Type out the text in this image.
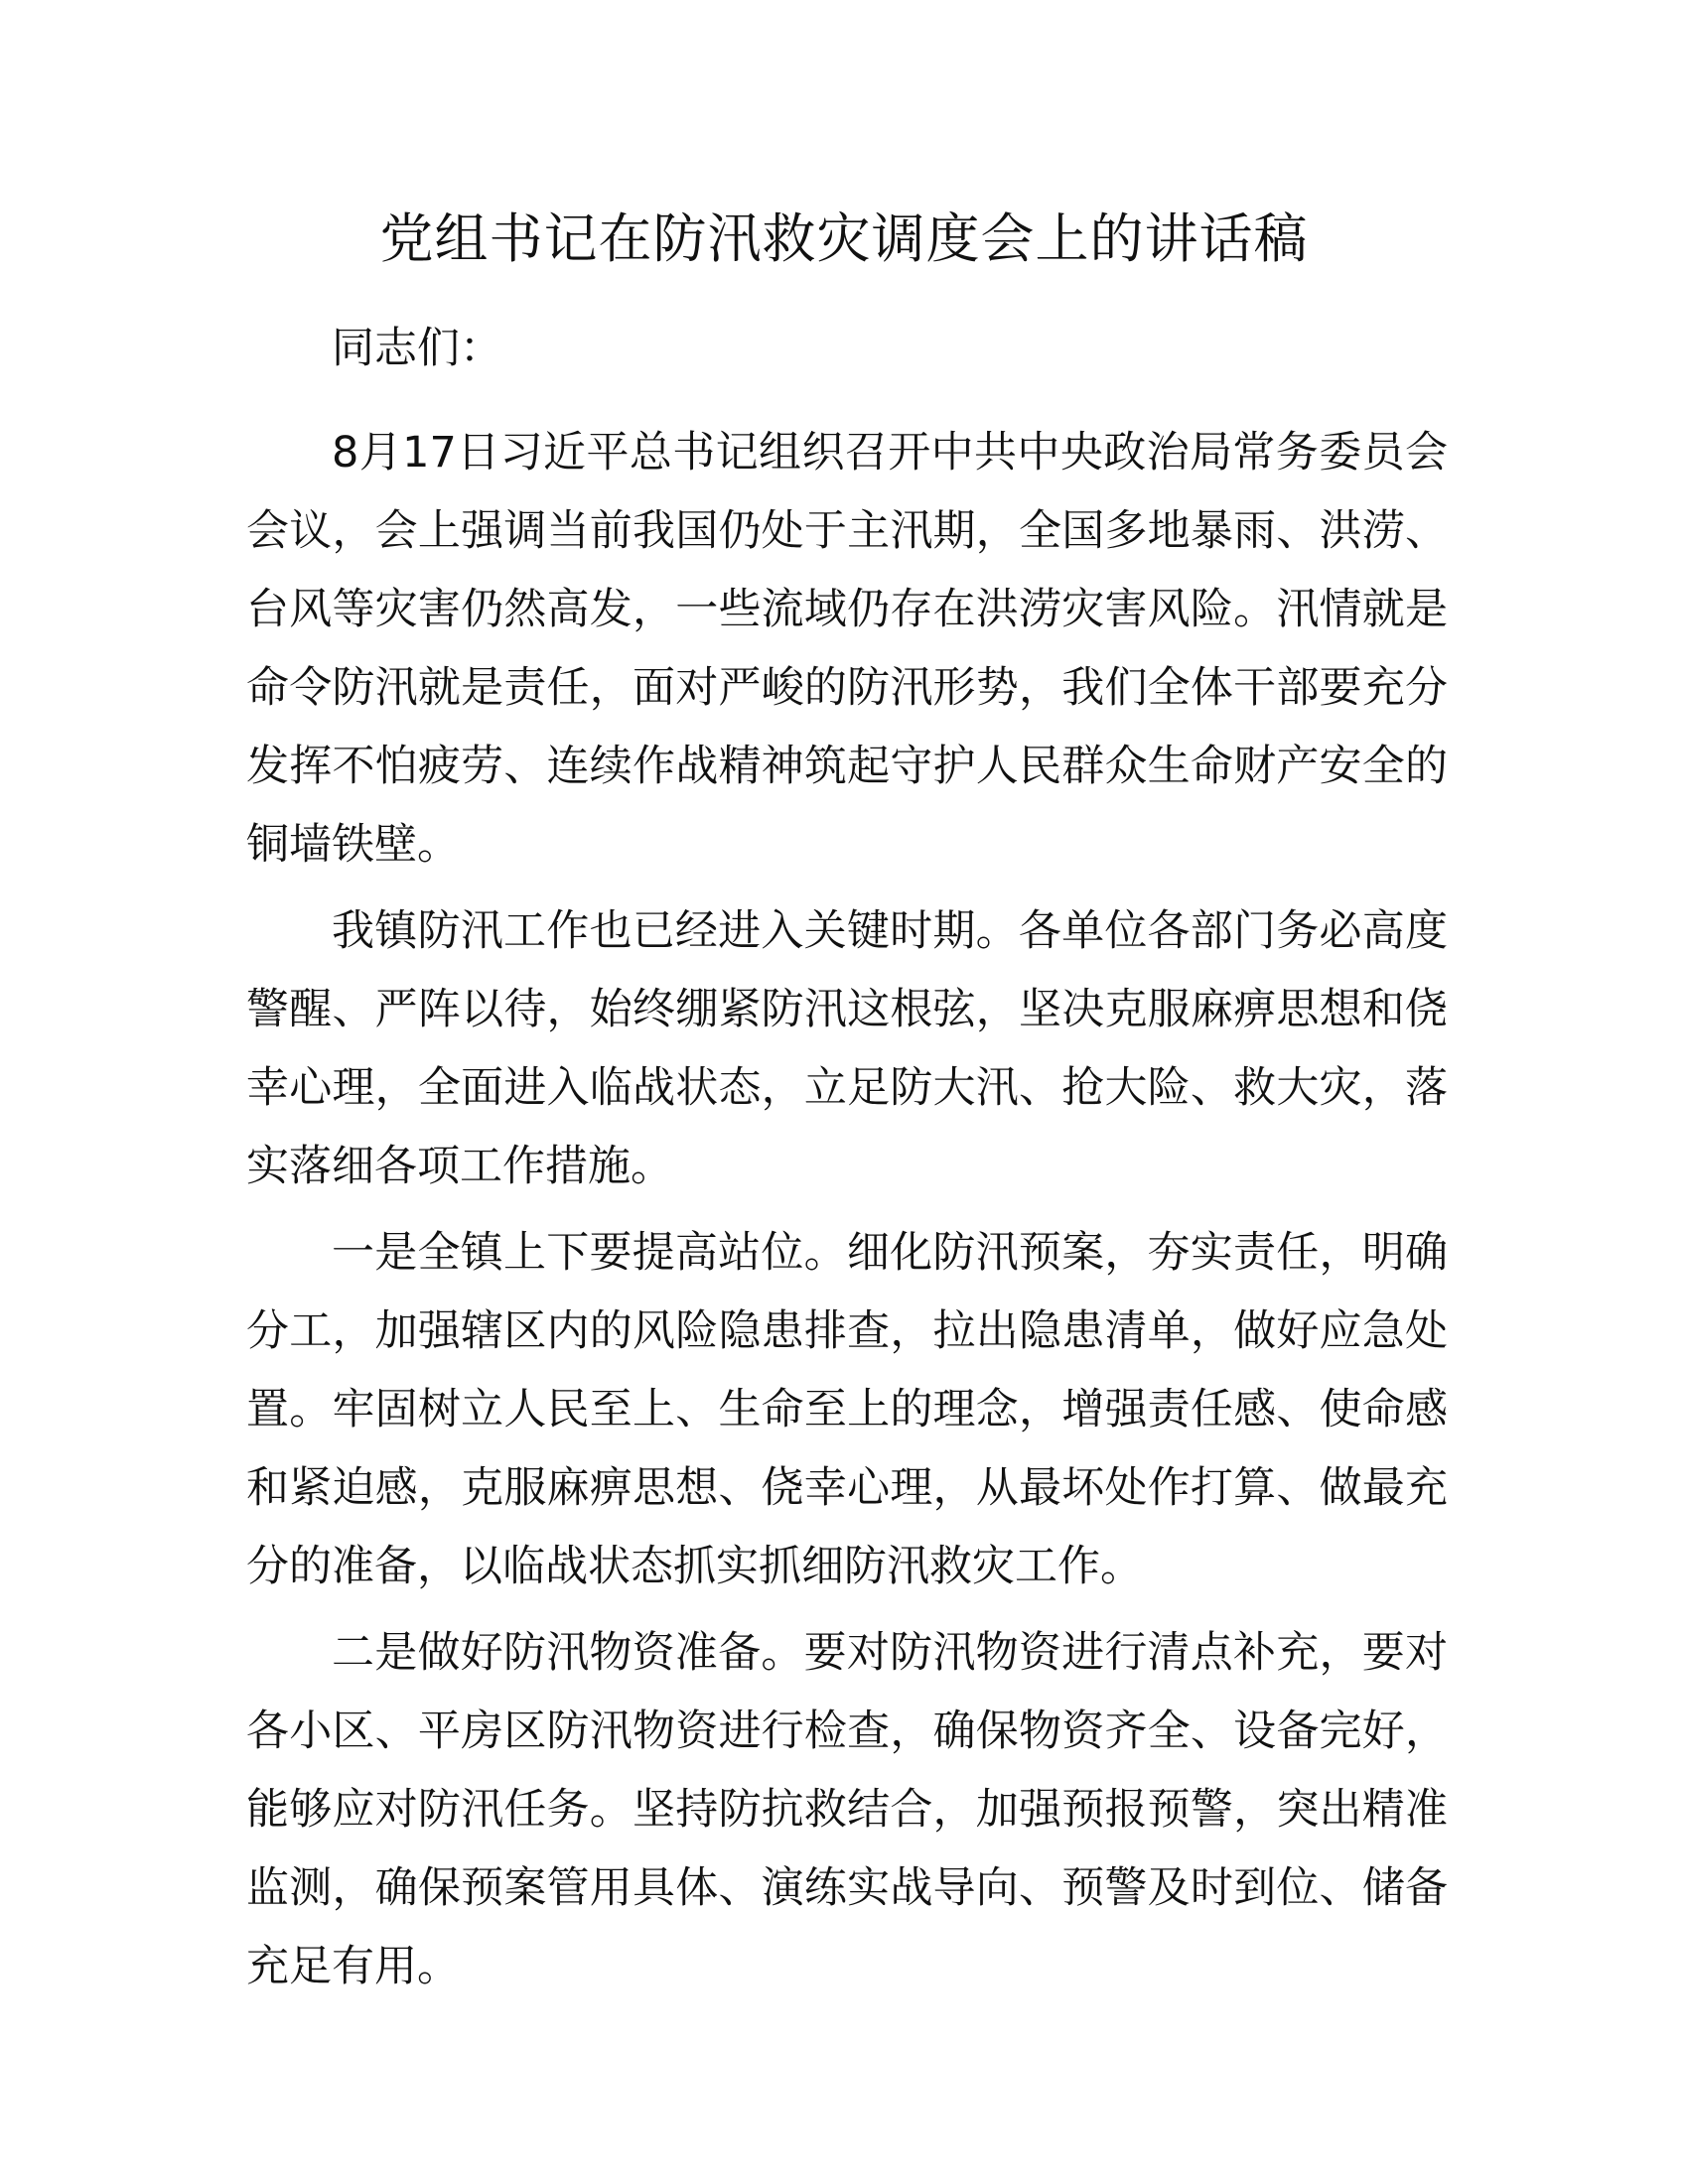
党组书记在防汛救灾调度会上的讲话稿

同志们：

8月17日习近平总书记组织召开中共中央政治局常务委员会会议，会上强调当前我国仍处于主汛期，全国多地暴雨、洪涝、台风等灾害仍然高发，一些流域仍存在洪涝灾害风险。汛情就是命令防汛就是责任，面对严峻的防汛形势，我们全体干部要充分发挥不怕疲劳、连续作战精神筑起守护人民群众生命财产安全的铜墙铁壁。

我镇防汛工作也已经进入关键时期。各单位各部门务必高度警醒、严阵以待，始终绷紧防汛这根弦，坚决克服麻痹思想和侥幸心理，全面进入临战状态，立足防大汛、抢大险、救大灾，落实落细各项工作措施。

一是全镇上下要提高站位。细化防汛预案，夯实责任，明确分工，加强辖区内的风险隐患排查，拉出隐患清单，做好应急处置。牢固树立人民至上、生命至上的理念，增强责任感、使命感和紧迫感，克服麻痹思想、侥幸心理，从最坏处作打算、做最充分的准备，以临战状态抓实抓细防汛救灾工作。

二是做好防汛物资准备。要对防汛物资进行清点补充，要对各小区、平房区防汛物资进行检查，确保物资齐全、设备完好，能够应对防汛任务。坚持防抗救结合，加强预报预警，突出精准监测，确保预案管用具体、演练实战导向、预警及时到位、储备充足有用。
